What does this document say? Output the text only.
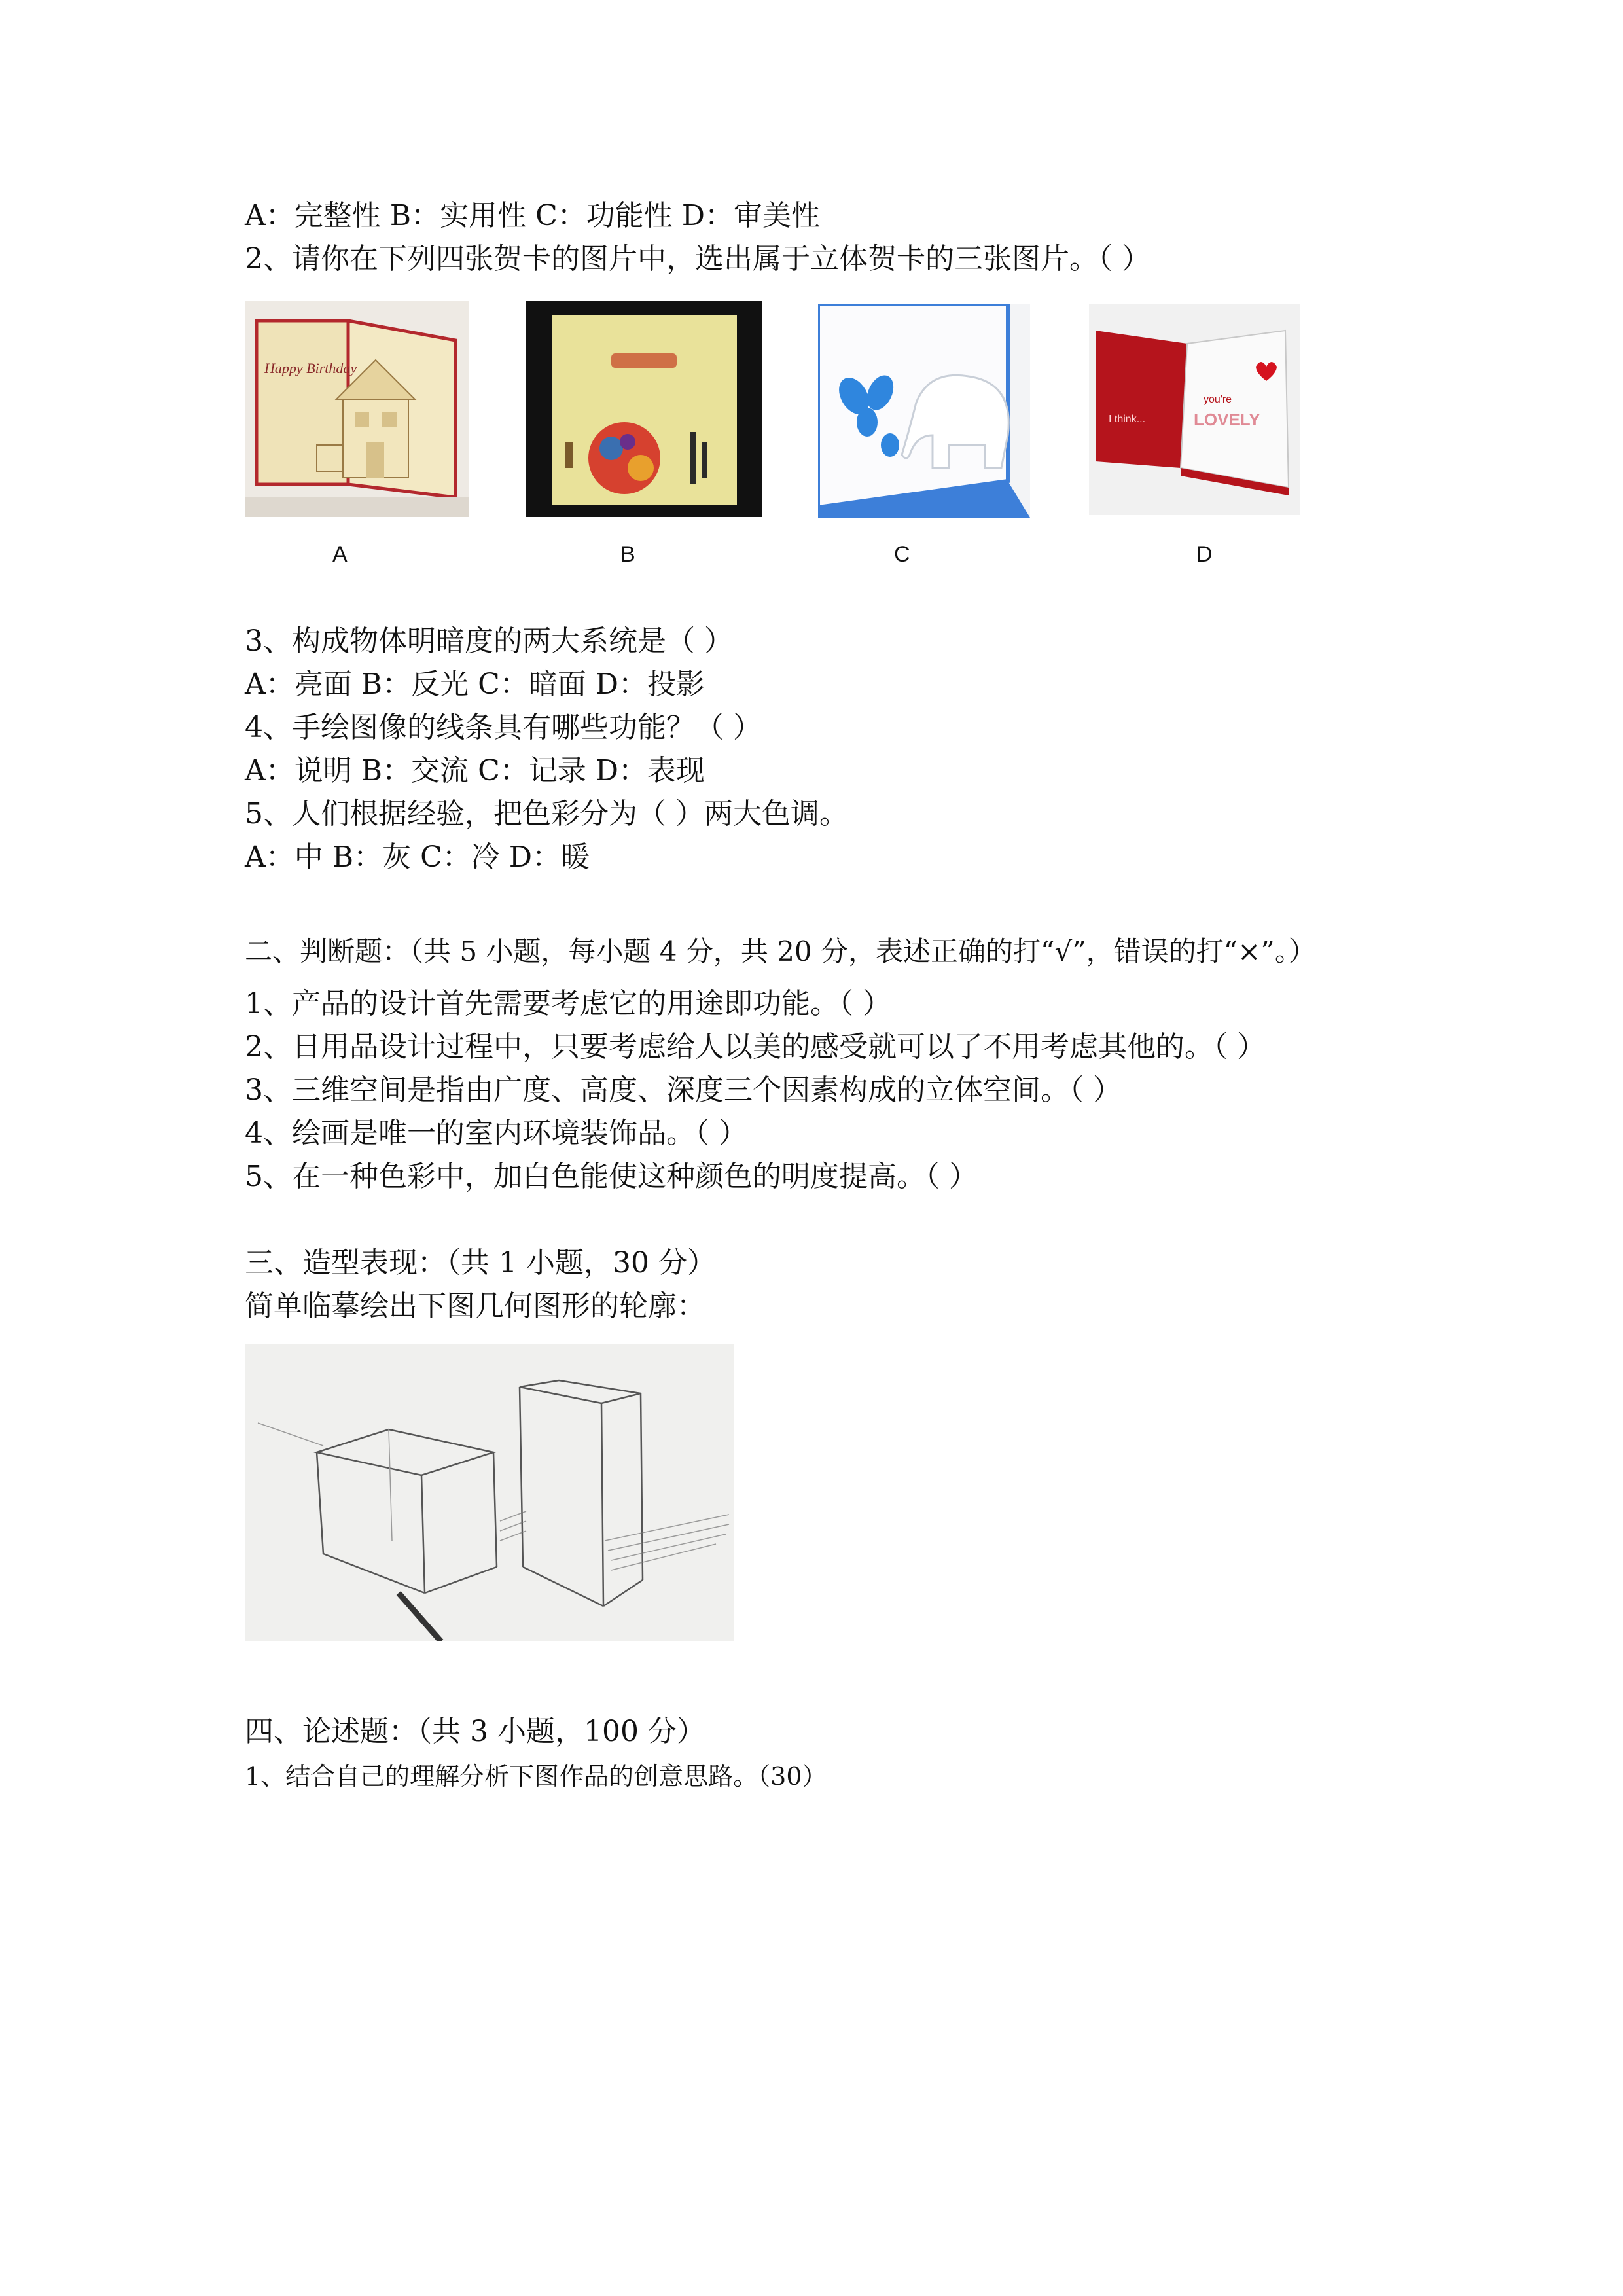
A：完整性 B：实用性 C：功能性 D：审美性
2、请你在下列四张贺卡的图片中，选出属于立体贺卡的三张图片。（ ）
Happy Birthday
I think...
you're
LOVELY
A	B	C	D
3、构成物体明暗度的两大系统是（ ）
A：亮面 B：反光 C：暗面 D：投影
4、手绘图像的线条具有哪些功能？（ ）
A：说明 B：交流 C：记录 D：表现
5、人们根据经验，把色彩分为（ ）两大色调。
A：中 B：灰 C：冷 D：暖
二、判断题：（共 5 小题，每小题 4 分，共 20 分，表述正确的打“√”，错误的打“×”。）
1、产品的设计首先需要考虑它的用途即功能。（ ）
2、日用品设计过程中，只要考虑给人以美的感受就可以了不用考虑其他的。（ ）
3、三维空间是指由广度、高度、深度三个因素构成的立体空间。（ ）
4、绘画是唯一的室内环境装饰品。（ ）
5、在一种色彩中，加白色能使这种颜色的明度提高。（ ）
三、造型表现：（共 1 小题，30 分）
简单临摹绘出下图几何图形的轮廓：
四、论述题：（共 3 小题，100 分）
1、结合自己的理解分析下图作品的创意思路。（30）
